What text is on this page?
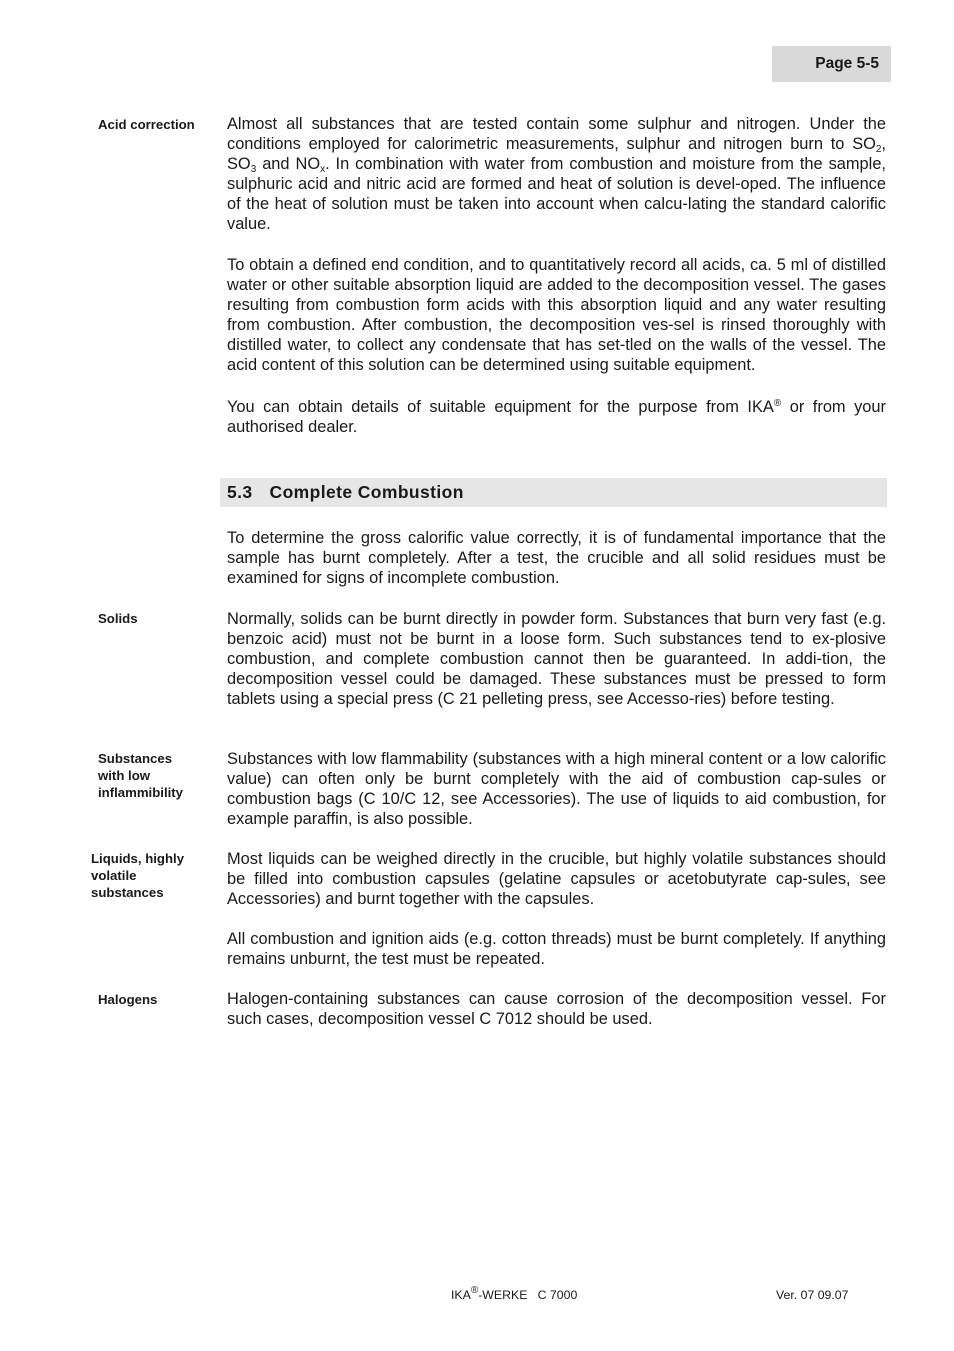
Page 5-5
Acid correction	Almost all substances that are tested contain some sulphur and nitrogen. Under the conditions employed for calorimetric measurements, sulphur and nitrogen burn to $SO_2$, $SO_3$ and $NO_x$. In combination with water from combustion and moisture from the sample, sulphuric acid and nitric acid are formed and heat of solution is devel-oped. The influence of the heat of solution must be taken into account when calcu-lating the standard calorific value.
To obtain a defined end condition, and to quantitatively record all acids, ca. 5 ml of distilled water or other suitable absorption liquid are added to the decomposition vessel. The gases resulting from combustion form acids with this absorption liquid and any water resulting from combustion. After combustion, the decomposition ves-sel is rinsed thoroughly with distilled water, to collect any condensate that has set-tled on the walls of the vessel. The acid content of this solution can be determined using suitable equipment.
You can obtain details of suitable equipment for the purpose from IKA® or from your authorised dealer.
5.3 Complete Combustion
To determine the gross calorific value correctly, it is of fundamental importance that the sample has burnt completely. After a test, the crucible and all solid residues must be examined for signs of incomplete combustion.
Solids	Normally, solids can be burnt directly in powder form. Substances that burn very fast (e.g. benzoic acid) must not be burnt in a loose form. Such substances tend to ex-plosive combustion, and complete combustion cannot then be guaranteed. In addi-tion, the decomposition vessel could be damaged. These substances must be pressed to form tablets using a special press (C 21 pelleting press, see Accesso-ries) before testing.
Substances
with low
inflammibility
Substances with low flammability (substances with a high mineral content or a low calorific value) can often only be burnt completely with the aid of combustion cap-sules or combustion bags (C 10/C 12, see Accessories). The use of liquids to aid combustion, for example paraffin, is also possible.
Liquids, highly
volatile
substances
Most liquids can be weighed directly in the crucible, but highly volatile substances should be filled into combustion capsules (gelatine capsules or acetobutyrate cap-sules, see Accessories) and burnt together with the capsules.
All combustion and ignition aids (e.g. cotton threads) must be burnt completely. If anything remains unburnt, the test must be repeated.
Halogens	Halogen-containing substances can cause corrosion of the decomposition vessel. For such cases, decomposition vessel C 7012 should be used.
IKA®-WERKE   C 7000	Ver. 07 09.07
